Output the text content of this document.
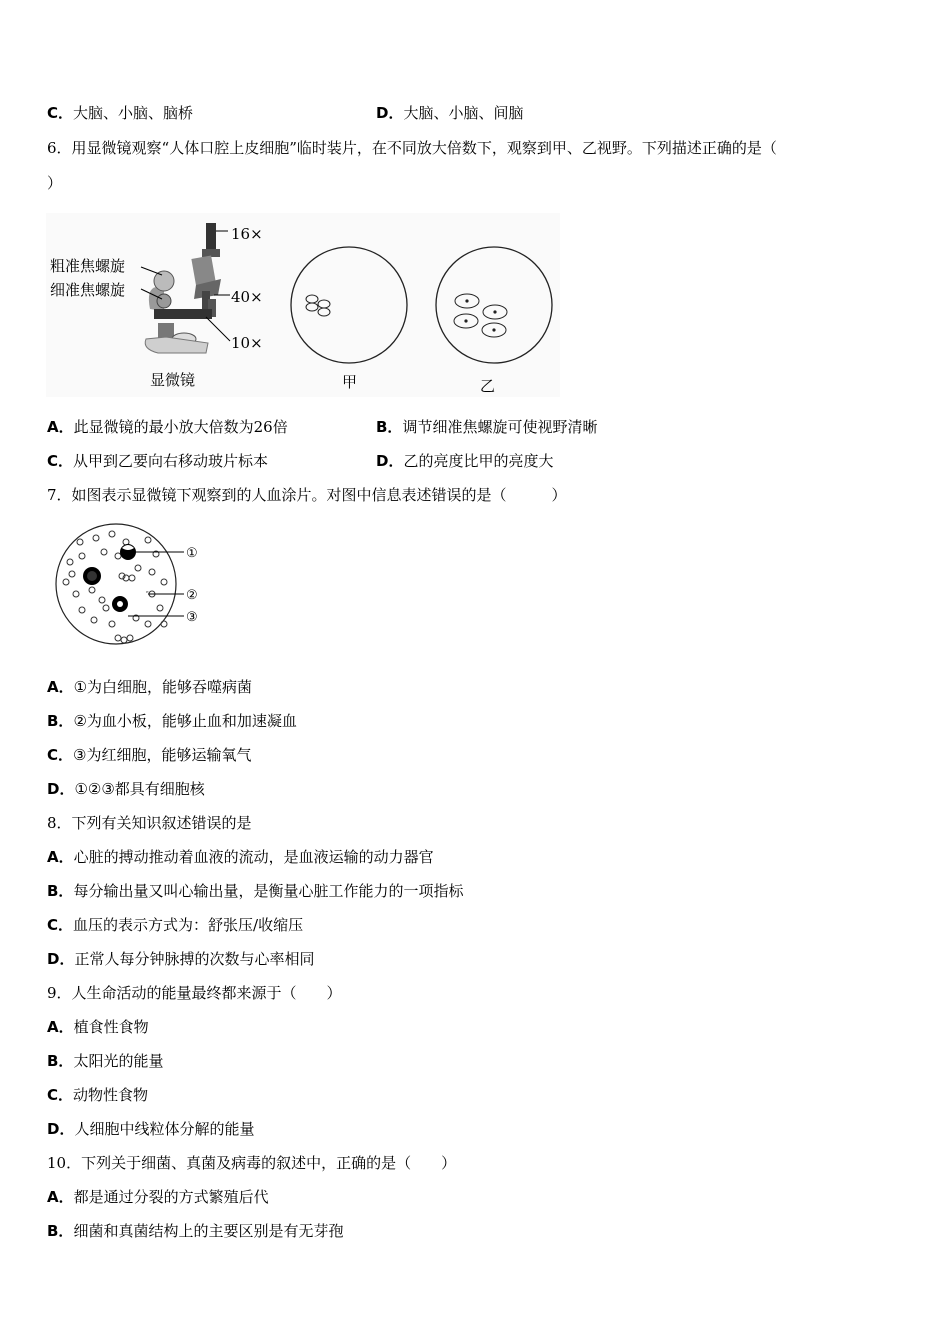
C．大脑、小脑、脑桥	D．大脑、小脑、间脑
6．用显微镜观察“人体口腔上皮细胞”临时装片，在不同放大倍数下，观察到甲、乙视野。下列描述正确的是（
）
16×
40×
10×
粗准焦螺旋
细准焦螺旋
显微镜	甲	乙
A．此显微镜的最小放大倍数为26倍	B．调节细准焦螺旋可使视野清晰
C．从甲到乙要向右移动玻片标本	D．乙的亮度比甲的亮度大
7．如图表示显微镜下观察到的人血涂片。对图中信息表述错误的是（　　　）
ₑ
①
②
③
A．①为白细胞，能够吞噬病菌
B．②为血小板，能够止血和加速凝血
C．③为红细胞，能够运输氧气
D．①②③都具有细胞核
8．下列有关知识叙述错误的是
A．心脏的搏动推动着血液的流动，是血液运输的动力器官
B．每分输出量又叫心输出量，是衡量心脏工作能力的一项指标
C．血压的表示方式为：舒张压/收缩压
D．正常人每分钟脉搏的次数与心率相同
9．人生命活动的能量最终都来源于（　　）
A．植食性食物
B．太阳光的能量
C．动物性食物
D．人细胞中线粒体分解的能量
10．下列关于细菌、真菌及病毒的叙述中，正确的是（　　）
A．都是通过分裂的方式繁殖后代
B．细菌和真菌结构上的主要区别是有无芽孢
